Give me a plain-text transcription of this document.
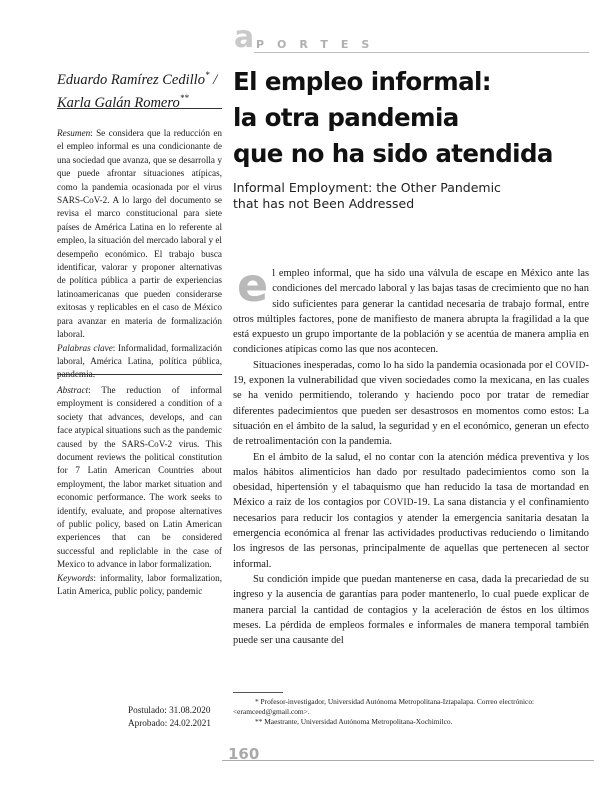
a PORTES
Eduardo Ramírez Cedillo* /
Karla Galán Romero**
El empleo informal:
la otra pandemia
que no ha sido atendida
Informal Employment: the Other Pandemic
that has not Been Addressed

Resumen: Se considera que la reducción en el empleo informal es una condicionante de una sociedad que avanza, que se desarrolla y que puede afrontar situaciones atípicas, como la pandemia ocasionada por el virus SARS-CoV-2. A lo largo del documento se revisa el marco constitucional para siete países de América Latina en lo referente al empleo, la situación del mercado laboral y el desempeño económico. El trabajo busca identificar, valorar y proponer alternativas de política pública a partir de experiencias latinoamericanas que pueden considerarse exitosas y replicables en el caso de México para avanzar en materia de formalización laboral.

Palabras clave: Informalidad, formalización laboral, América Latina, política pública, pandemia.

Abstract: The reduction of informal employment is considered a condition of a society that advances, develops, and can face atypical situations such as the pandemic caused by the SARS-CoV-2 virus. This document reviews the political constitution for 7 Latin American Countries about employment, the labor market situation and economic performance. The work seeks to identify, evaluate, and propose alternatives of public policy, based on Latin American experiences that can be considered successful and repliclable in the case of Mexico to advance in labor formalization.

Keywords: informality, labor formalization, Latin America, public policy, pandemic

Postulado: 31.08.2020
Aprobado: 24.02.2021

el empleo informal, que ha sido una válvula de escape en México ante las condiciones del mercado laboral y las bajas tasas de crecimiento que no han sido suficientes para generar la cantidad necesaria de trabajo formal, entre otros múltiples factores, pone de manifiesto de manera abrupta la fragilidad a la que está expuesto un grupo importante de la población y se acentúa de manera amplia en condiciones atípicas como las que nos acontecen.

Situaciones inesperadas, como lo ha sido la pandemia ocasionada por el COVID-19, exponen la vulnerabilidad que viven sociedades como la mexicana, en las cuales se ha venido permitiendo, tolerando y haciendo poco por tratar de remediar diferentes padecimientos que pueden ser desastrosos en momentos como estos: La situación en el ámbito de la salud, la seguridad y en el económico, generan un efecto de retroalimentación con la pandemia.

En el ámbito de la salud, el no contar con la atención médica preventiva y los malos hábitos alimenticios han dado por resultado padecimientos como son la obesidad, hipertensión y el tabaquismo que han reducido la tasa de mortandad en México a raíz de los contagios por COVID-19. La sana distancia y el confinamiento necesarios para reducir los contagios y atender la emergencia sanitaria desatan la emergencia económica al frenar las actividades productivas reduciendo o limitando los ingresos de las personas, principalmente de aquellas que pertenecen al sector informal.

Su condición impide que puedan mantenerse en casa, dada la precariedad de su ingreso y la ausencia de garantías para poder mantenerlo, lo cual puede explicar de manera parcial la cantidad de contagios y la aceleración de éstos en los últimos meses. La pérdida de empleos formales e informales de manera temporal también puede ser una causante del

* Profesor-investigador, Universidad Autónoma Metropolitana-Iztapalapa. Correo electrónico: <eramceed@gmail.com>.

** Maestrante, Universidad Autónoma Metropolitana-Xochimilco.

160
